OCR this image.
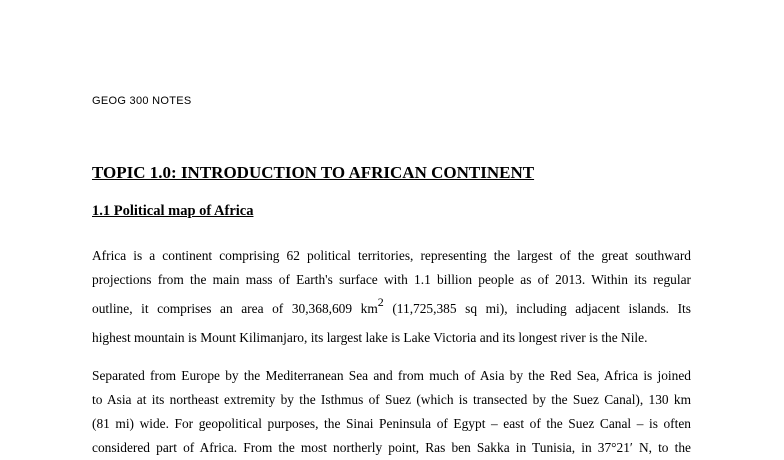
GEOG 300 NOTES
TOPIC 1.0: INTRODUCTION TO AFRICAN CONTINENT
1.1 Political map of Africa
Africa is a continent comprising 62 political territories, representing the largest of the great southward
projections from the main mass of Earth's surface with 1.1 billion people as of 2013. Within its regular
outline, it comprises an area of 30,368,609 $km^2$ (11,725,385 sq mi), including adjacent islands. Its
highest mountain is Mount Kilimanjaro, its largest lake is Lake Victoria and its longest river is the Nile.
Separated from Europe by the Mediterranean Sea and from much of Asia by the Red Sea, Africa is joined
to Asia at its northeast extremity by the Isthmus of Suez (which is transected by the Suez Canal), 130 km
(81 mi) wide. For geopolitical purposes, the Sinai Peninsula of Egypt – east of the Suez Canal – is often
considered part of Africa. From the most northerly point, Ras ben Sakka in Tunisia, in 37°21′ N, to the
